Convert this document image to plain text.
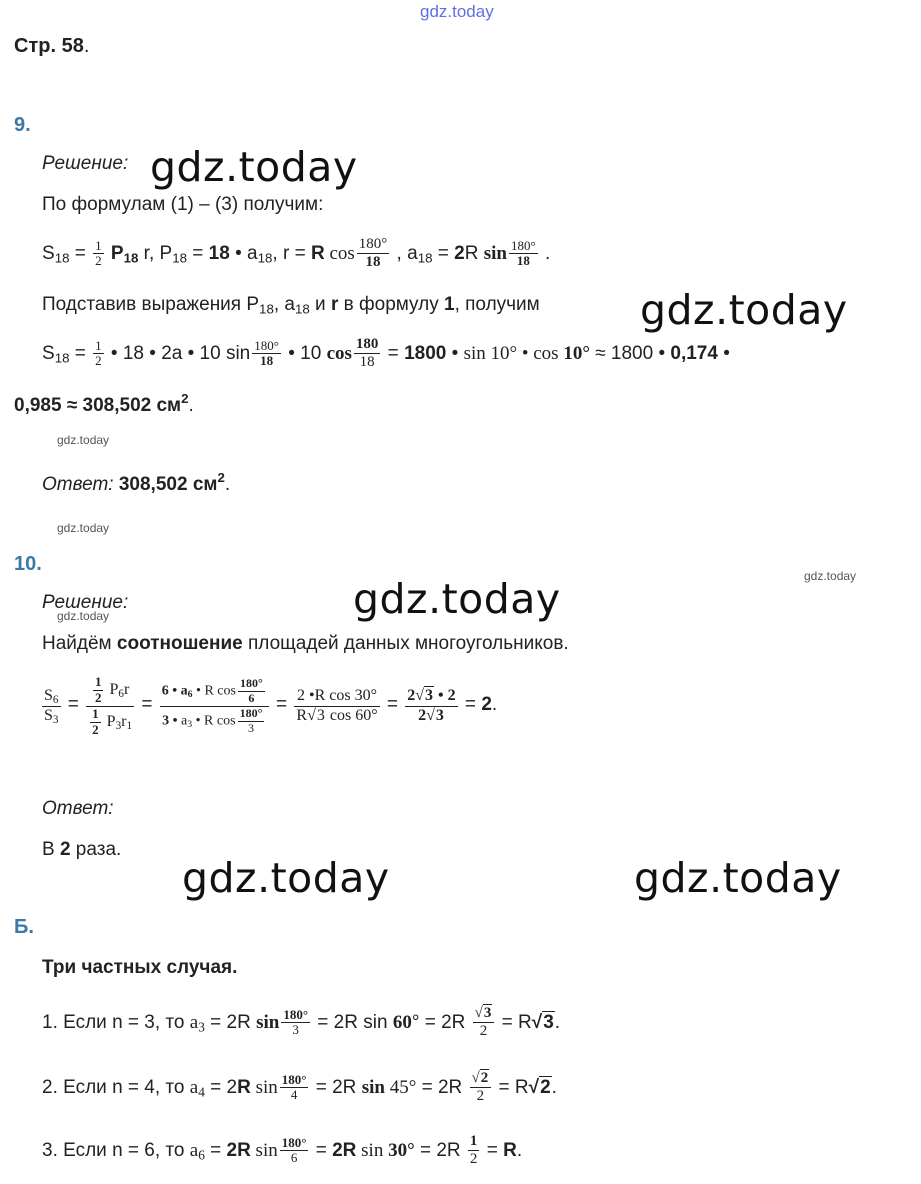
gdz.today
gdz.today
gdz.today
gdz.today
gdz.today	gdz.today
gdz.today
gdz.today
gdz.today
gdz.today
Стр. 58.
9.
Решение:
По формулам (1) – (3) получим:
$S_{18} = \frac{1}{2} P_{18}$ r, $P_{18} = 18$ • $a_{18}$, r = R $\cos \frac{180^\circ}{18}$ , $a_{18} = 2R$ $\sin \frac{180^\circ}{18}$ .
Подставив выражения $P_{18}$, $a_{18}$ и r в формулу 1, получим
$S_{18} = \frac{1}{2}$ • 18 • 2a • 10 $\sin \frac{180^\circ}{18}$ • 10 $\cos \frac{180}{18} = 1800$ • sin 10° • cos 10° ≈ 1800 • 0,174 •
0,985 ≈ 308,502 $см^2$.
Ответ: 308,502 $см^2$.
10.
Решение:
Найдём соотношение площадей данных многоугольников.
$\frac{S_6}{S_3} = \frac{\frac{1}{2} P_6r}{\frac{1}{2} P_3r_1} = \frac{6 • a_6 • R \cos \frac{180^\circ}{6}}{3 • a_3 • R \cos \frac{180^\circ}{3}} = \frac{\text{2 •R cos 30°}}{R√3 \cos 60^\circ} = \frac{2√3 • 2}{2√3} = 2$.
Ответ:
В 2 раза.
Б.
Три частных случая.
1. Если n = 3, то $a_3 = 2R$ $\sin \frac{180^\circ}{3} = 2R$ $\sin 60^\circ = 2R \frac{√3}{2} = R√3$.
2. Если n = 4, то $a_4 = 2R$ $\sin \frac{180^\circ}{4} = 2R$ $\sin 45^\circ = 2R \frac{√2}{2} = R√2$.
3. Если n = 6, то $a_6 = 2R$ $\sin \frac{180^\circ}{6} = 2R$ $\sin 30^\circ = 2R \frac{1}{2} = R$.
